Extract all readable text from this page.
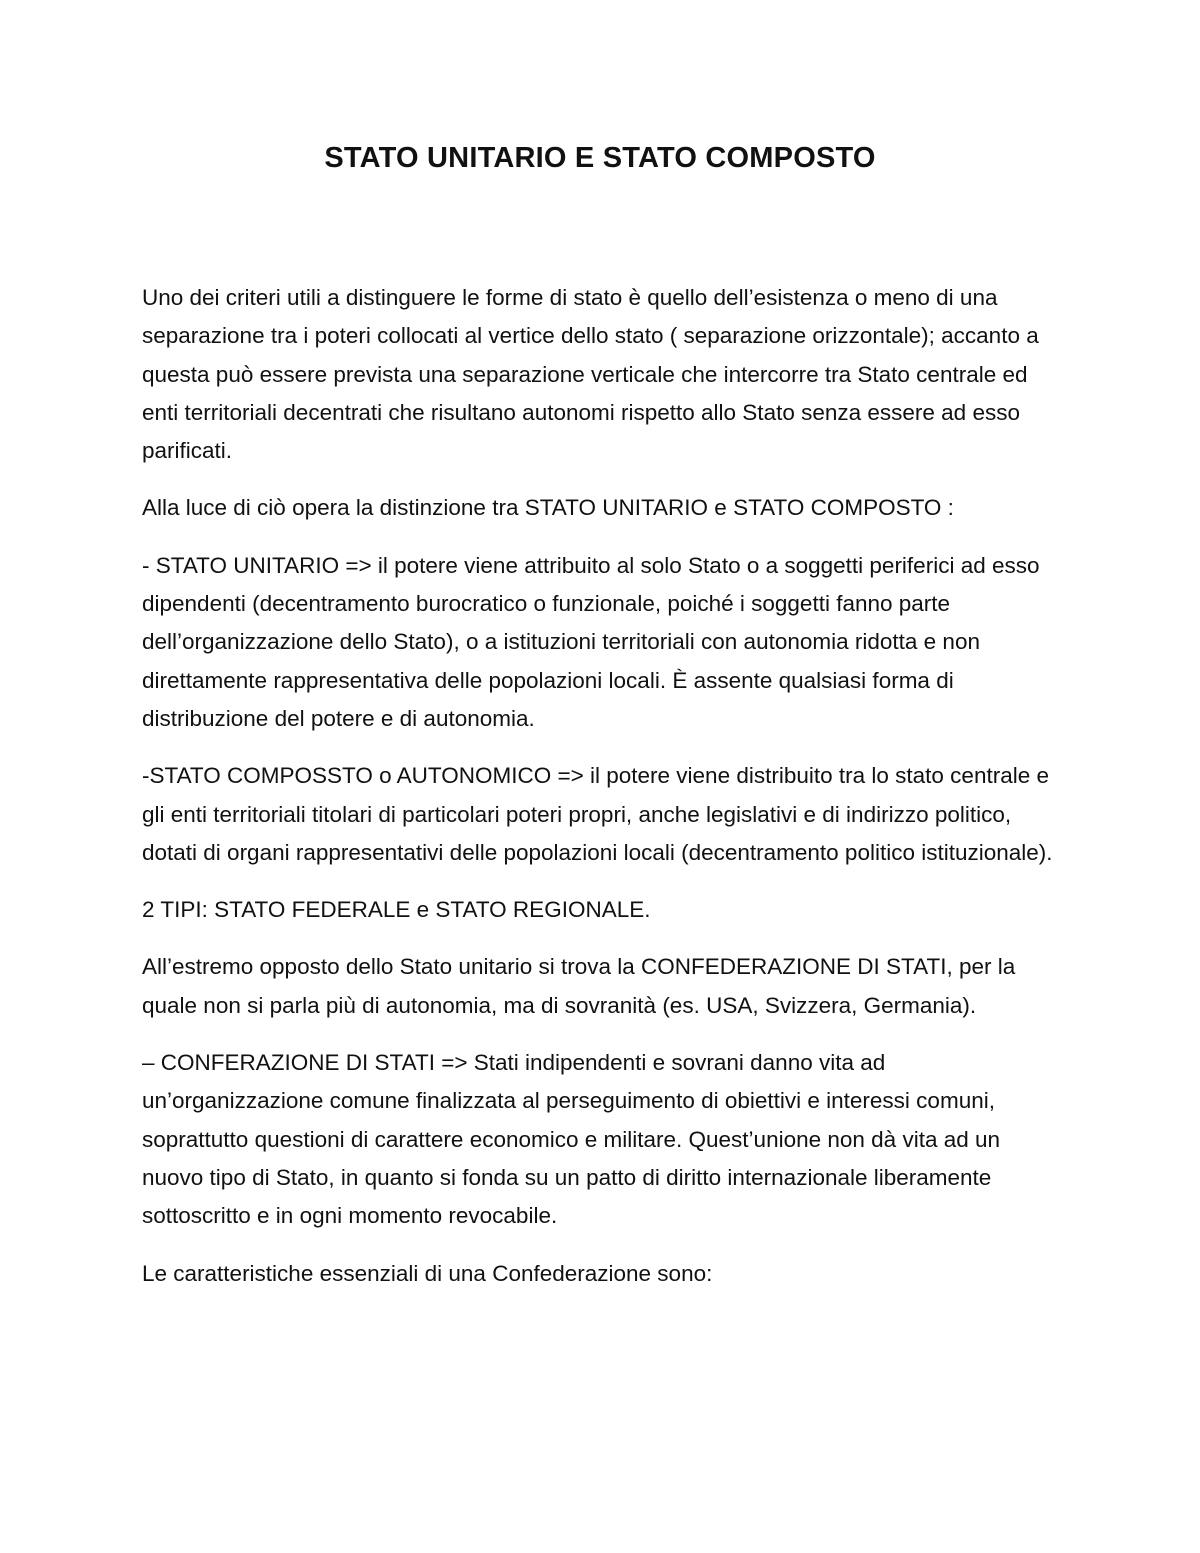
STATO UNITARIO E STATO COMPOSTO

Uno dei criteri utili a distinguere le forme di stato è quello dell’esistenza o meno di una separazione tra i poteri collocati al vertice dello stato ( separazione orizzontale); accanto a questa può essere prevista una separazione verticale che intercorre tra Stato centrale ed enti territoriali decentrati che risultano autonomi rispetto allo Stato senza essere ad esso parificati.

Alla luce di ciò opera la distinzione tra STATO UNITARIO e STATO COMPOSTO :

- STATO UNITARIO => il potere viene attribuito al solo Stato o a soggetti periferici ad esso dipendenti (decentramento burocratico o funzionale, poiché i soggetti fanno parte dell’organizzazione dello Stato), o a istituzioni territoriali con autonomia ridotta e non direttamente rappresentativa delle popolazioni locali. È assente qualsiasi forma di distribuzione del potere e di autonomia.

-STATO COMPOSSTO o AUTONOMICO => il potere viene distribuito tra lo stato centrale e gli enti territoriali titolari di particolari poteri propri, anche legislativi e di indirizzo politico, dotati di organi rappresentativi delle popolazioni locali (decentramento politico istituzionale).

2 TIPI: STATO FEDERALE e STATO REGIONALE.

All’estremo opposto dello Stato unitario si trova la CONFEDERAZIONE DI STATI, per la quale non si parla più di autonomia, ma di sovranità (es. USA, Svizzera, Germania).

– CONFERAZIONE DI STATI => Stati indipendenti e sovrani danno vita ad un’organizzazione comune finalizzata al perseguimento di obiettivi e interessi comuni, soprattutto questioni di carattere economico e militare. Quest’unione non dà vita ad un nuovo tipo di Stato, in quanto si fonda su un patto di diritto internazionale liberamente sottoscritto e in ogni momento revocabile.

Le caratteristiche essenziali di una Confederazione sono:
